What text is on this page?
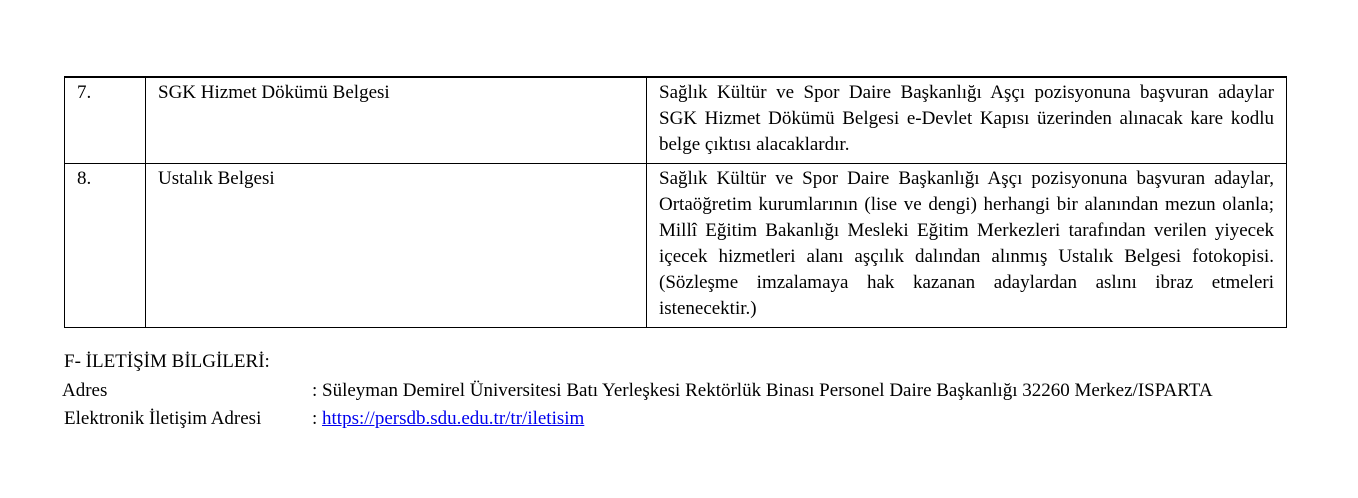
7.	SGK Hizmet Dökümü Belgesi	Sağlık Kültür ve Spor Daire Başkanlığı Aşçı pozisyonuna başvuran adaylar SGK Hizmet Dökümü Belgesi e-Devlet Kapısı üzerinden alınacak kare kodlu belge çıktısı alacaklardır.
8.	Ustalık Belgesi	Sağlık Kültür ve Spor Daire Başkanlığı Aşçı pozisyonuna başvuran adaylar, Ortaöğretim kurumlarının (lise ve dengi) herhangi bir alanından mezun olanla; Millî Eğitim Bakanlığı Mesleki Eğitim Merkezleri tarafından verilen yiyecek içecek hizmetleri alanı aşçılık dalından alınmış Ustalık Belgesi fotokopisi. (Sözleşme imzalamaya hak kazanan adaylardan aslını ibraz etmeleri istenecektir.)
F- İLETİŞİM BİLGİLERİ:
Adres	: Süleyman Demirel Üniversitesi Batı Yerleşkesi Rektörlük Binası Personel Daire Başkanlığı 32260 Merkez/ISPARTA
Elektronik İletişim Adresi	: https://persdb.sdu.edu.tr/tr/iletisim
